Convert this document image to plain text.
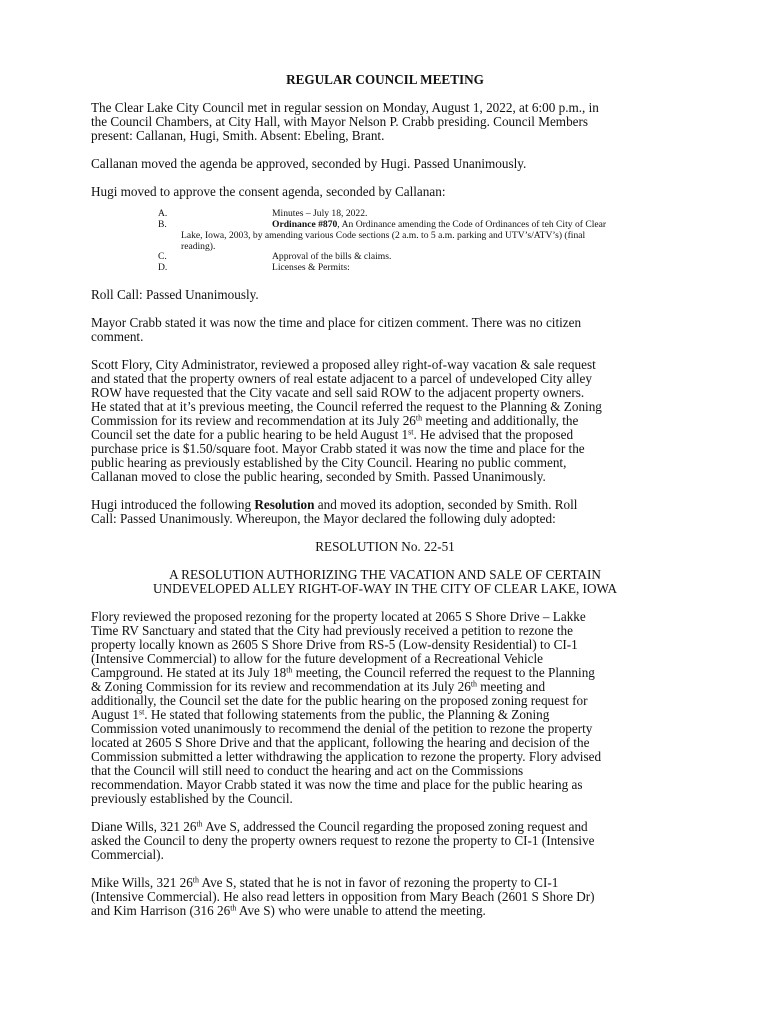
REGULAR COUNCIL MEETING
The Clear Lake City Council met in regular session on Monday, August 1, 2022, at 6:00 p.m., in
the Council Chambers, at City Hall, with Mayor Nelson P. Crabb presiding. Council Members
present: Callanan, Hugi, Smith. Absent: Ebeling, Brant.
Callanan moved the agenda be approved, seconded by Hugi. Passed Unanimously.
Hugi moved to approve the consent agenda, seconded by Callanan:
A.	Minutes – July 18, 2022.
B.	Ordinance #870, An Ordinance amending the Code of Ordinances of teh City of Clear
Lake, Iowa, 2003, by amending various Code sections (2 a.m. to 5 a.m. parking and UTV’s/ATV’s) (final
reading).
C.	Approval of the bills & claims.
D.	Licenses & Permits:
Roll Call: Passed Unanimously.
Mayor Crabb stated it was now the time and place for citizen comment. There was no citizen
comment.
Scott Flory, City Administrator, reviewed a proposed alley right-of-way vacation & sale request
and stated that the property owners of real estate adjacent to a parcel of undeveloped City alley
ROW have requested that the City vacate and sell said ROW to the adjacent property owners.
He stated that at it’s previous meeting, the Council referred the request to the Planning & Zoning
Commission for its review and recommendation at its July 26th meeting and additionally, the
Council set the date for a public hearing to be held August 1st. He advised that the proposed
purchase price is $1.50/square foot. Mayor Crabb stated it was now the time and place for the
public hearing as previously established by the City Council. Hearing no public comment,
Callanan moved to close the public hearing, seconded by Smith. Passed Unanimously.
Hugi introduced the following Resolution and moved its adoption, seconded by Smith. Roll
Call: Passed Unanimously. Whereupon, the Mayor declared the following duly adopted:
RESOLUTION No. 22-51
A RESOLUTION AUTHORIZING THE VACATION AND SALE OF CERTAIN
UNDEVELOPED ALLEY RIGHT-OF-WAY IN THE CITY OF CLEAR LAKE, IOWA
Flory reviewed the proposed rezoning for the property located at 2065 S Shore Drive – Lakke
Time RV Sanctuary and stated that the City had previously received a petition to rezone the
property locally known as 2605 S Shore Drive from RS-5 (Low-density Residential) to CI-1
(Intensive Commercial) to allow for the future development of a Recreational Vehicle
Campground. He stated at its July 18th meeting, the Council referred the request to the Planning
& Zoning Commission for its review and recommendation at its July 26th meeting and
additionally, the Council set the date for the public hearing on the proposed zoning request for
August 1st. He stated that following statements from the public, the Planning & Zoning
Commission voted unanimously to recommend the denial of the petition to rezone the property
located at 2605 S Shore Drive and that the applicant, following the hearing and decision of the
Commission submitted a letter withdrawing the application to rezone the property. Flory advised
that the Council will still need to conduct the hearing and act on the Commissions
recommendation. Mayor Crabb stated it was now the time and place for the public hearing as
previously established by the Council.
Diane Wills, 321 26th Ave S, addressed the Council regarding the proposed zoning request and
asked the Council to deny the property owners request to rezone the property to CI-1 (Intensive
Commercial).
Mike Wills, 321 26th Ave S, stated that he is not in favor of rezoning the property to CI-1
(Intensive Commercial). He also read letters in opposition from Mary Beach (2601 S Shore Dr)
and Kim Harrison (316 26th Ave S) who were unable to attend the meeting.
